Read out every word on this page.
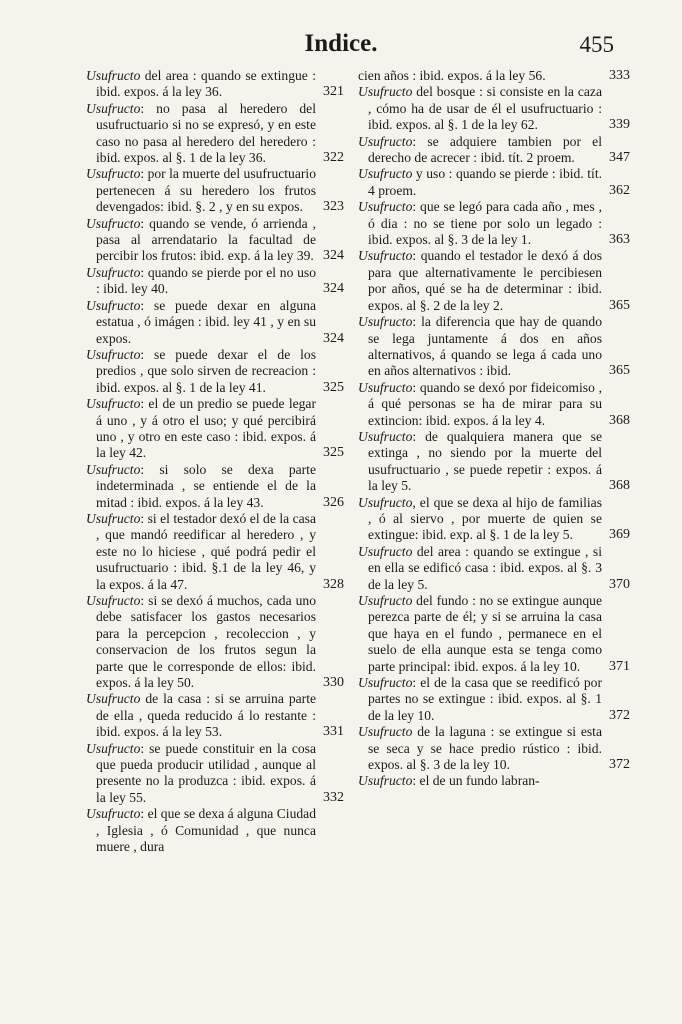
Indice.	455
Usufructo del area : quando se extingue : ibid. expos. á la ley 36.	321
Usufructo: no pasa al heredero del usufructuario si no se expresó, y en este caso no pasa al heredero del heredero : ibid. expos. al §. 1 de la ley 36.	322
Usufructo: por la muerte del usufructuario pertenecen á su heredero los frutos devengados: ibid. §. 2 , y en su expos. 323
Usufructo: quando se vende, ó arrienda , pasa al arrendatario la facultad de percibir los frutos: ibid. exp. á la ley 39. 324
Usufructo: quando se pierde por el no uso : ibid. ley 40.	324
Usufructo: se puede dexar en alguna estatua , ó imágen : ibid. ley 41 , y en su expos.	324
Usufructo: se puede dexar el de los predios , que solo sirven de recreacion : ibid. expos. al §. 1 de la ley 41.	325
Usufructo: el de un predio se puede legar á uno , y á otro el uso; y qué percibirá uno , y otro en este caso : ibid. expos. á la ley 42.	325
Usufructo: si solo se dexa parte indeterminada , se entiende el de la mitad : ibid. expos. á la ley 43.	326
Usufructo: si el testador dexó el de la casa , que mandó reedificar al heredero , y este no lo hiciese , qué podrá pedir el usufructuario : ibid. §.1 de la ley 46, y la expos. á la 47.	328
Usufructo: si se dexó á muchos, cada uno debe satisfacer los gastos necesarios para la percepcion , recoleccion , y conservacion de los frutos segun la parte que le corresponde de ellos: ibid. expos. á la ley 50.	330
Usufructo de la casa : si se arruina parte de ella , queda reducido á lo restante : ibid. expos. á la ley 53.	331
Usufructo: se puede constituir en la cosa que pueda producir utilidad , aunque al presente no la produzca : ibid. expos. á la ley 55.	332
Usufructo: el que se dexa á alguna Ciudad , Iglesia , ó Comunidad , que nunca muere , dura
cien años : ibid. expos. á la ley 56.	333
Usufructo del bosque : si consiste en la caza , cómo ha de usar de él el usufructuario : ibid. expos. al §. 1 de la ley 62.	339
Usufructo: se adquiere tambien por el derecho de acrecer : ibid. tít. 2 proem. 347
Usufructo y uso : quando se pierde : ibid. tít. 4 proem.	362
Usufructo: que se legó para cada año , mes , ó dia : no se tiene por solo un legado : ibid. expos. al §. 3 de la ley 1.	363
Usufructo: quando el testador le dexó á dos para que alternativamente le percibiesen por años, qué se ha de determinar : ibid. expos. al §. 2 de la ley 2.	365
Usufructo: la diferencia que hay de quando se lega juntamente á dos en años alternativos, á quando se lega á cada uno en años alternativos : ibid.	365
Usufructo: quando se dexó por fideicomiso , á qué personas se ha de mirar para su extincion: ibid. expos. á la ley 4.	368
Usufructo: de qualquiera manera que se extinga , no siendo por la muerte del usufructuario , se puede repetir : expos. á la ley 5.	368
Usufructo, el que se dexa al hijo de familias , ó al siervo , por muerte de quien se extingue: ibid. exp. al §. 1 de la ley 5.	369
Usufructo del area : quando se extingue , si en ella se edificó casa : ibid. expos. al §. 3 de la ley 5.	370
Usufructo del fundo : no se extingue aunque perezca parte de él; y si se arruina la casa que haya en el fundo , permanece en el suelo de ella aunque esta se tenga como parte principal: ibid. expos. á la ley 10. 371
Usufructo: el de la casa que se reedificó por partes no se extingue : ibid. expos. al §. 1 de la ley 10.	372
Usufructo de la laguna : se extingue si esta se seca y se hace predio rústico : ibid. expos. al §. 3 de la ley 10.	372
Usufructo: el de un fundo labran-
